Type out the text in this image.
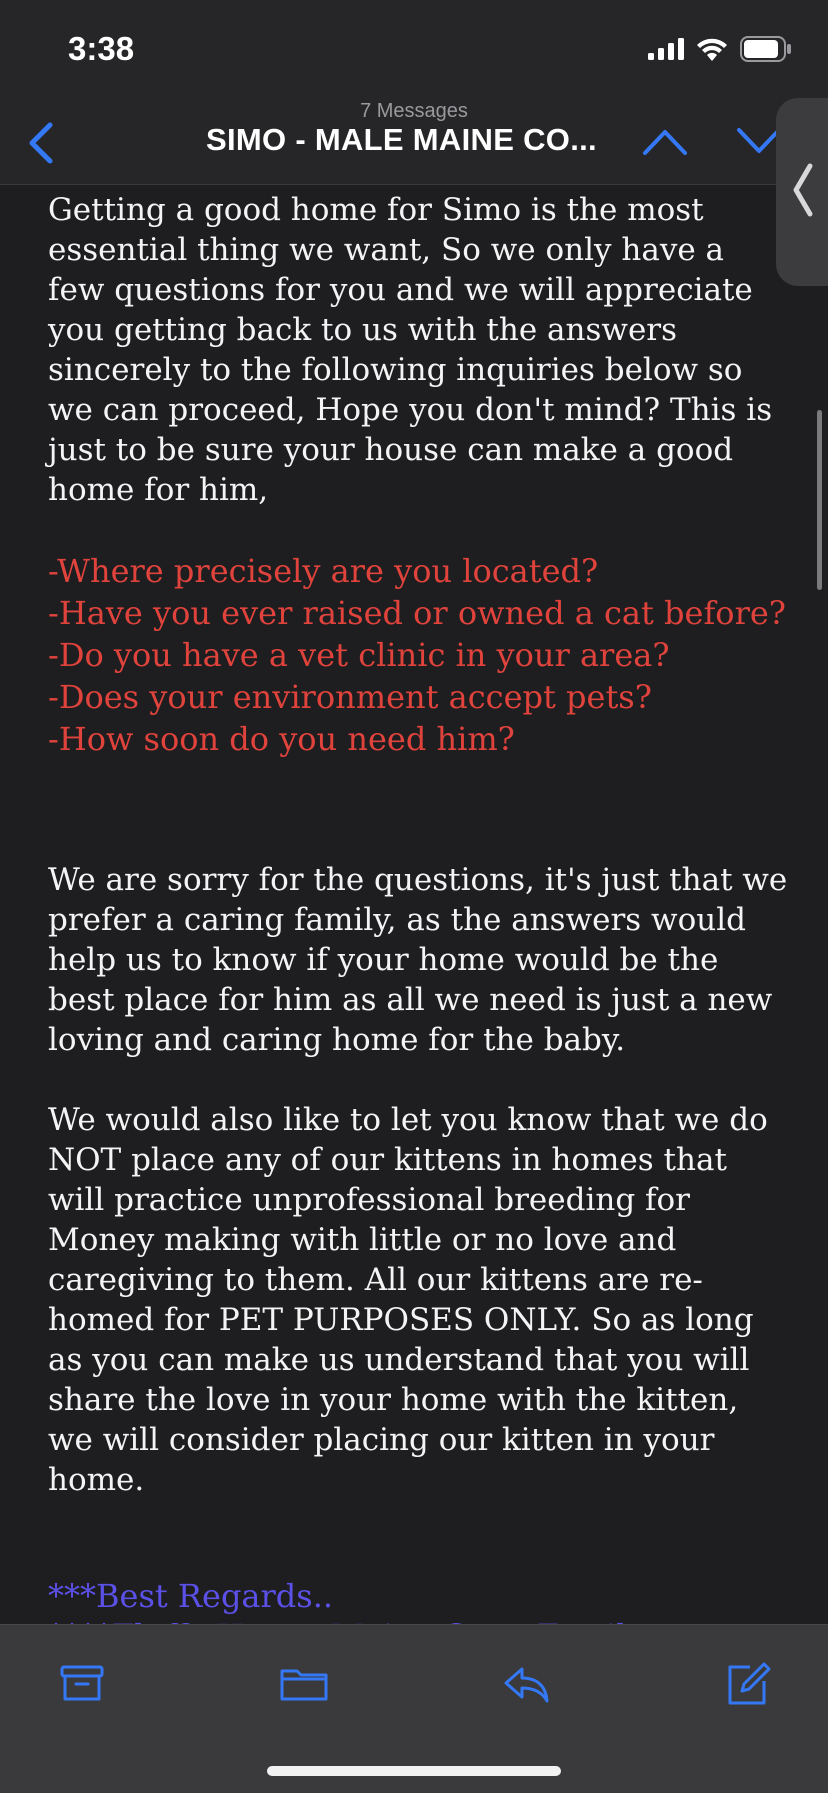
3:38
7 Messages
SIMO - MALE MAINE CO...

Getting a good home for Simo is the most essential thing we want, So we only have a few questions for you and we will appreciate you getting back to us with the answers sincerely to the following inquiries below so we can proceed, Hope you don't mind? This is just to be sure your house can make a good home for him,

-Where precisely are you located?
-Have you ever raised or owned a cat before?
-Do you have a vet clinic in your area?
-Does your environment accept pets?
-How soon do you need him?

We are sorry for the questions, it's just that we prefer a caring family, as the answers would help us to know if your home would be the best place for him as all we need is just a new loving and caring home for the baby.

We would also like to let you know that we do NOT place any of our kittens in homes that will practice unprofessional breeding for Money making with little or no love and caregiving to them. All our kittens are re-homed for PET PURPOSES ONLY. So as long as you can make us understand that you will share the love in your home with the kitten, we will consider placing our kitten in your home.

***Best Regards..
